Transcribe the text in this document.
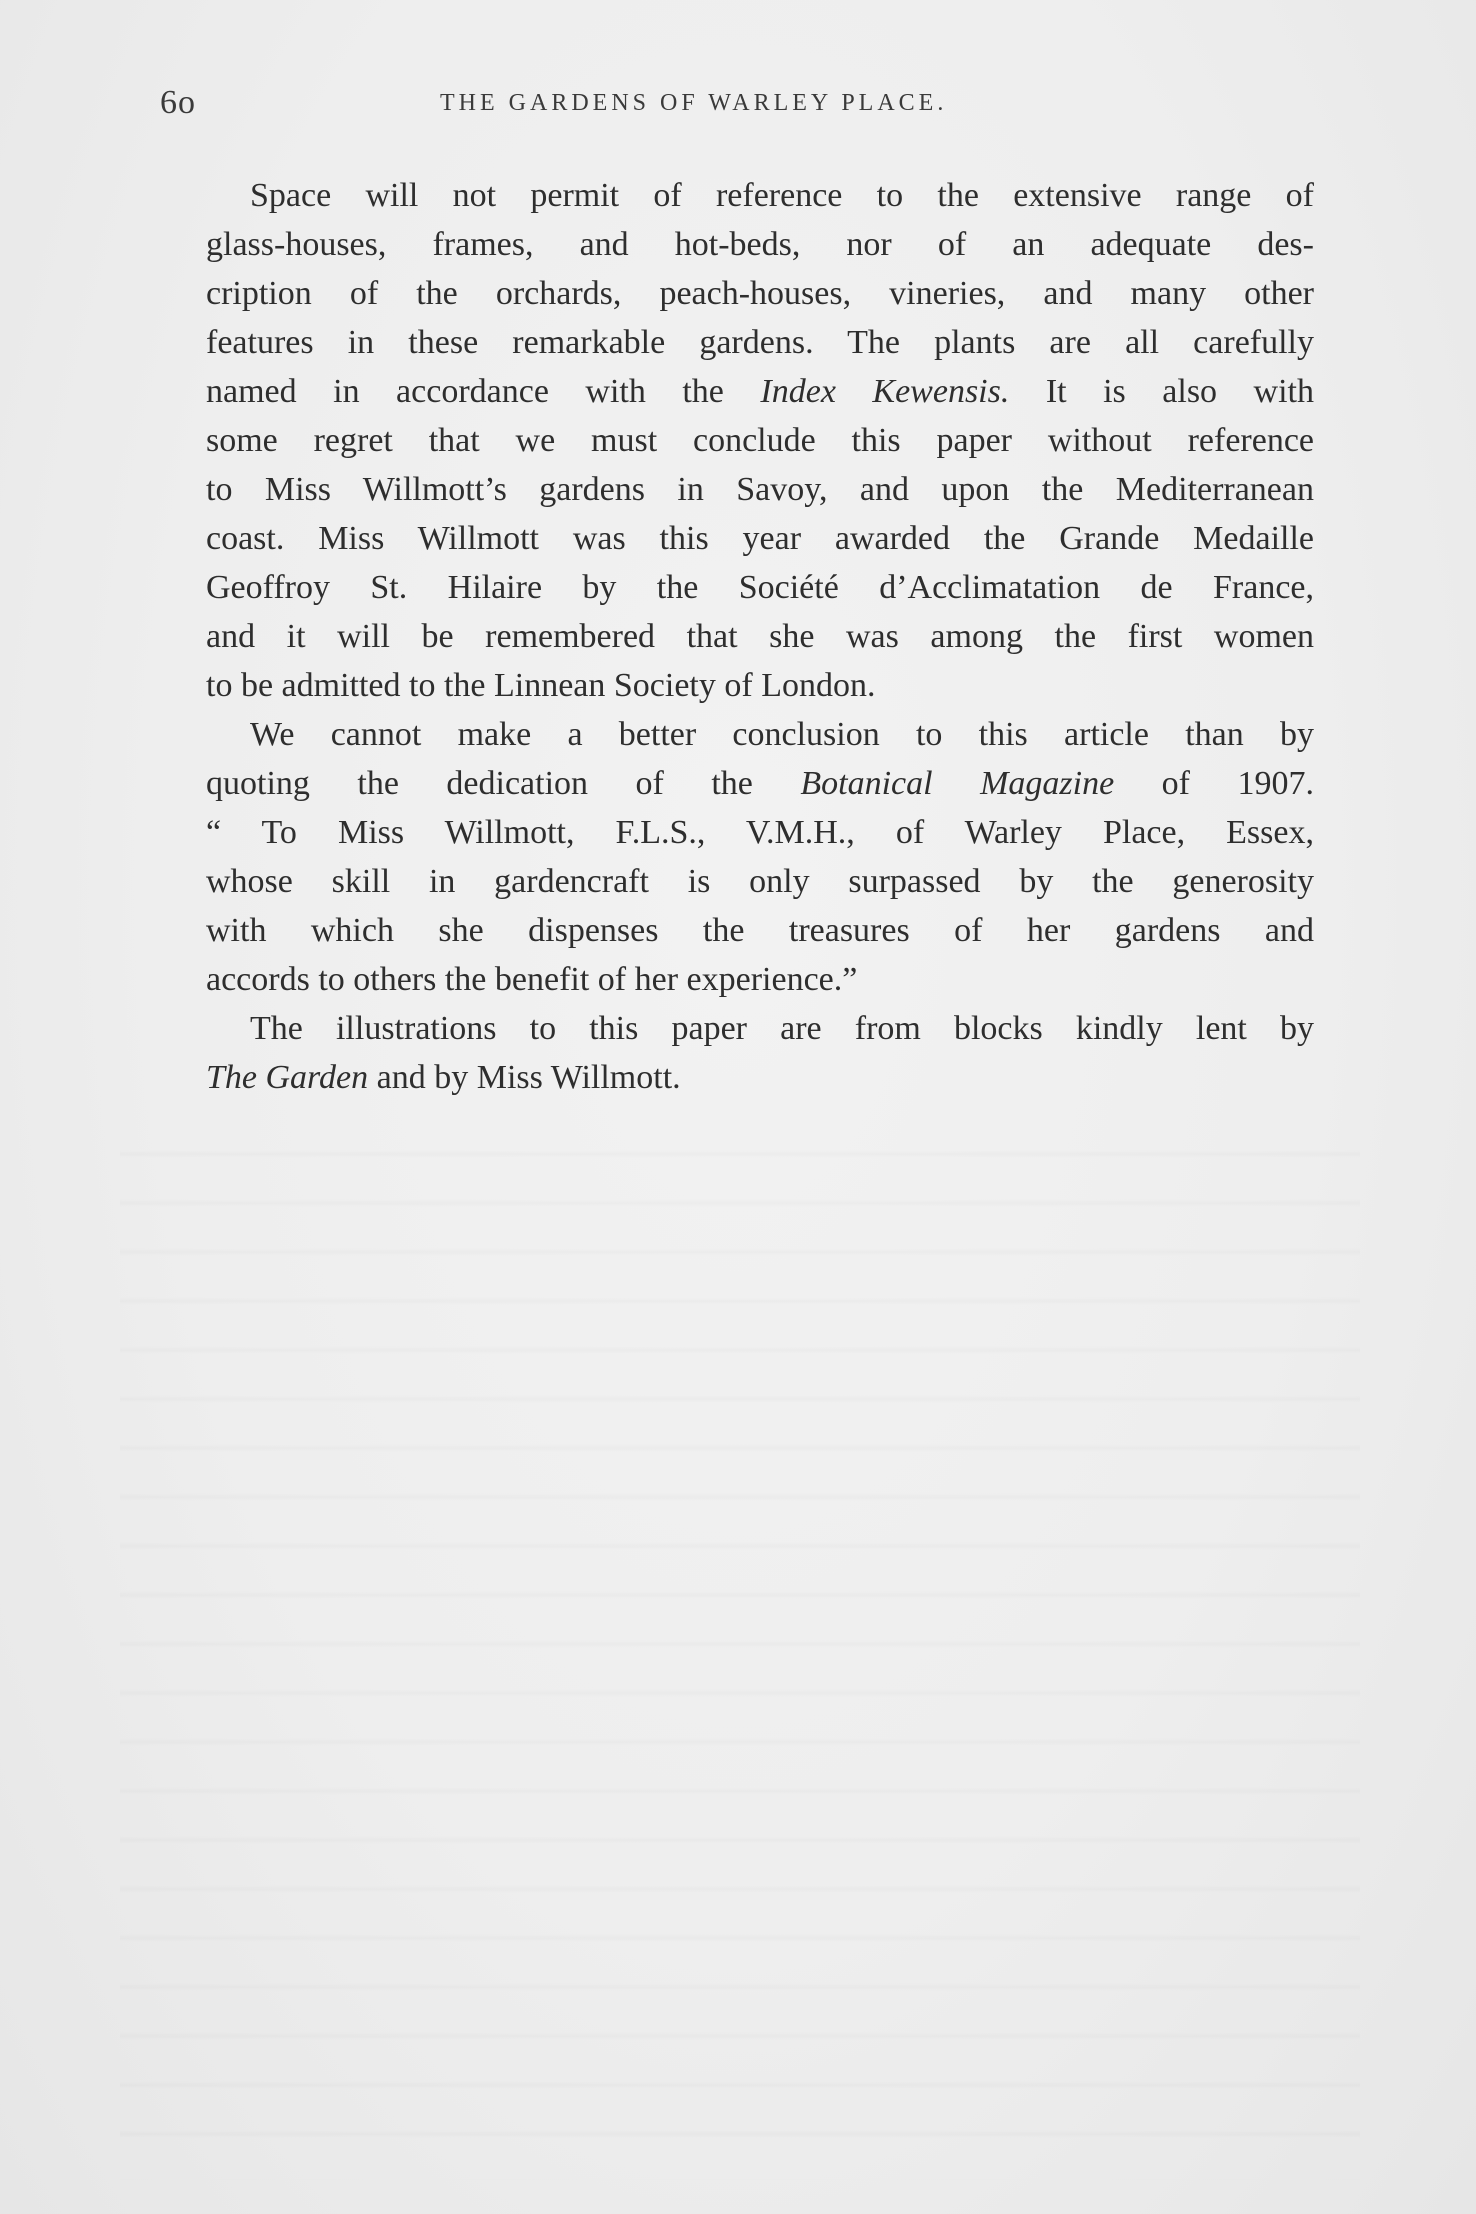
6o	THE GARDENS OF WARLEY PLACE.
Space will not permit of reference to the extensive range of
glass-houses, frames, and hot-beds, nor of an adequate des-
cription of the orchards, peach-houses, vineries, and many other
features in these remarkable gardens. The plants are all carefully
named in accordance with the Index Kewensis. It is also with
some regret that we must conclude this paper without reference
to Miss Willmott’s gardens in Savoy, and upon the Mediterranean
coast. Miss Willmott was this year awarded the Grande Medaille
Geoffroy St. Hilaire by the Société d’Acclimatation de France,
and it will be remembered that she was among the first women
to be admitted to the Linnean Society of London.
We cannot make a better conclusion to this article than by
quoting the dedication of the Botanical Magazine of 1907.
“ To Miss Willmott, F.L.S., V.M.H., of Warley Place, Essex,
whose skill in gardencraft is only surpassed by the generosity
with which she dispenses the treasures of her gardens and
accords to others the benefit of her experience.”
The illustrations to this paper are from blocks kindly lent by
The Garden and by Miss Willmott.
